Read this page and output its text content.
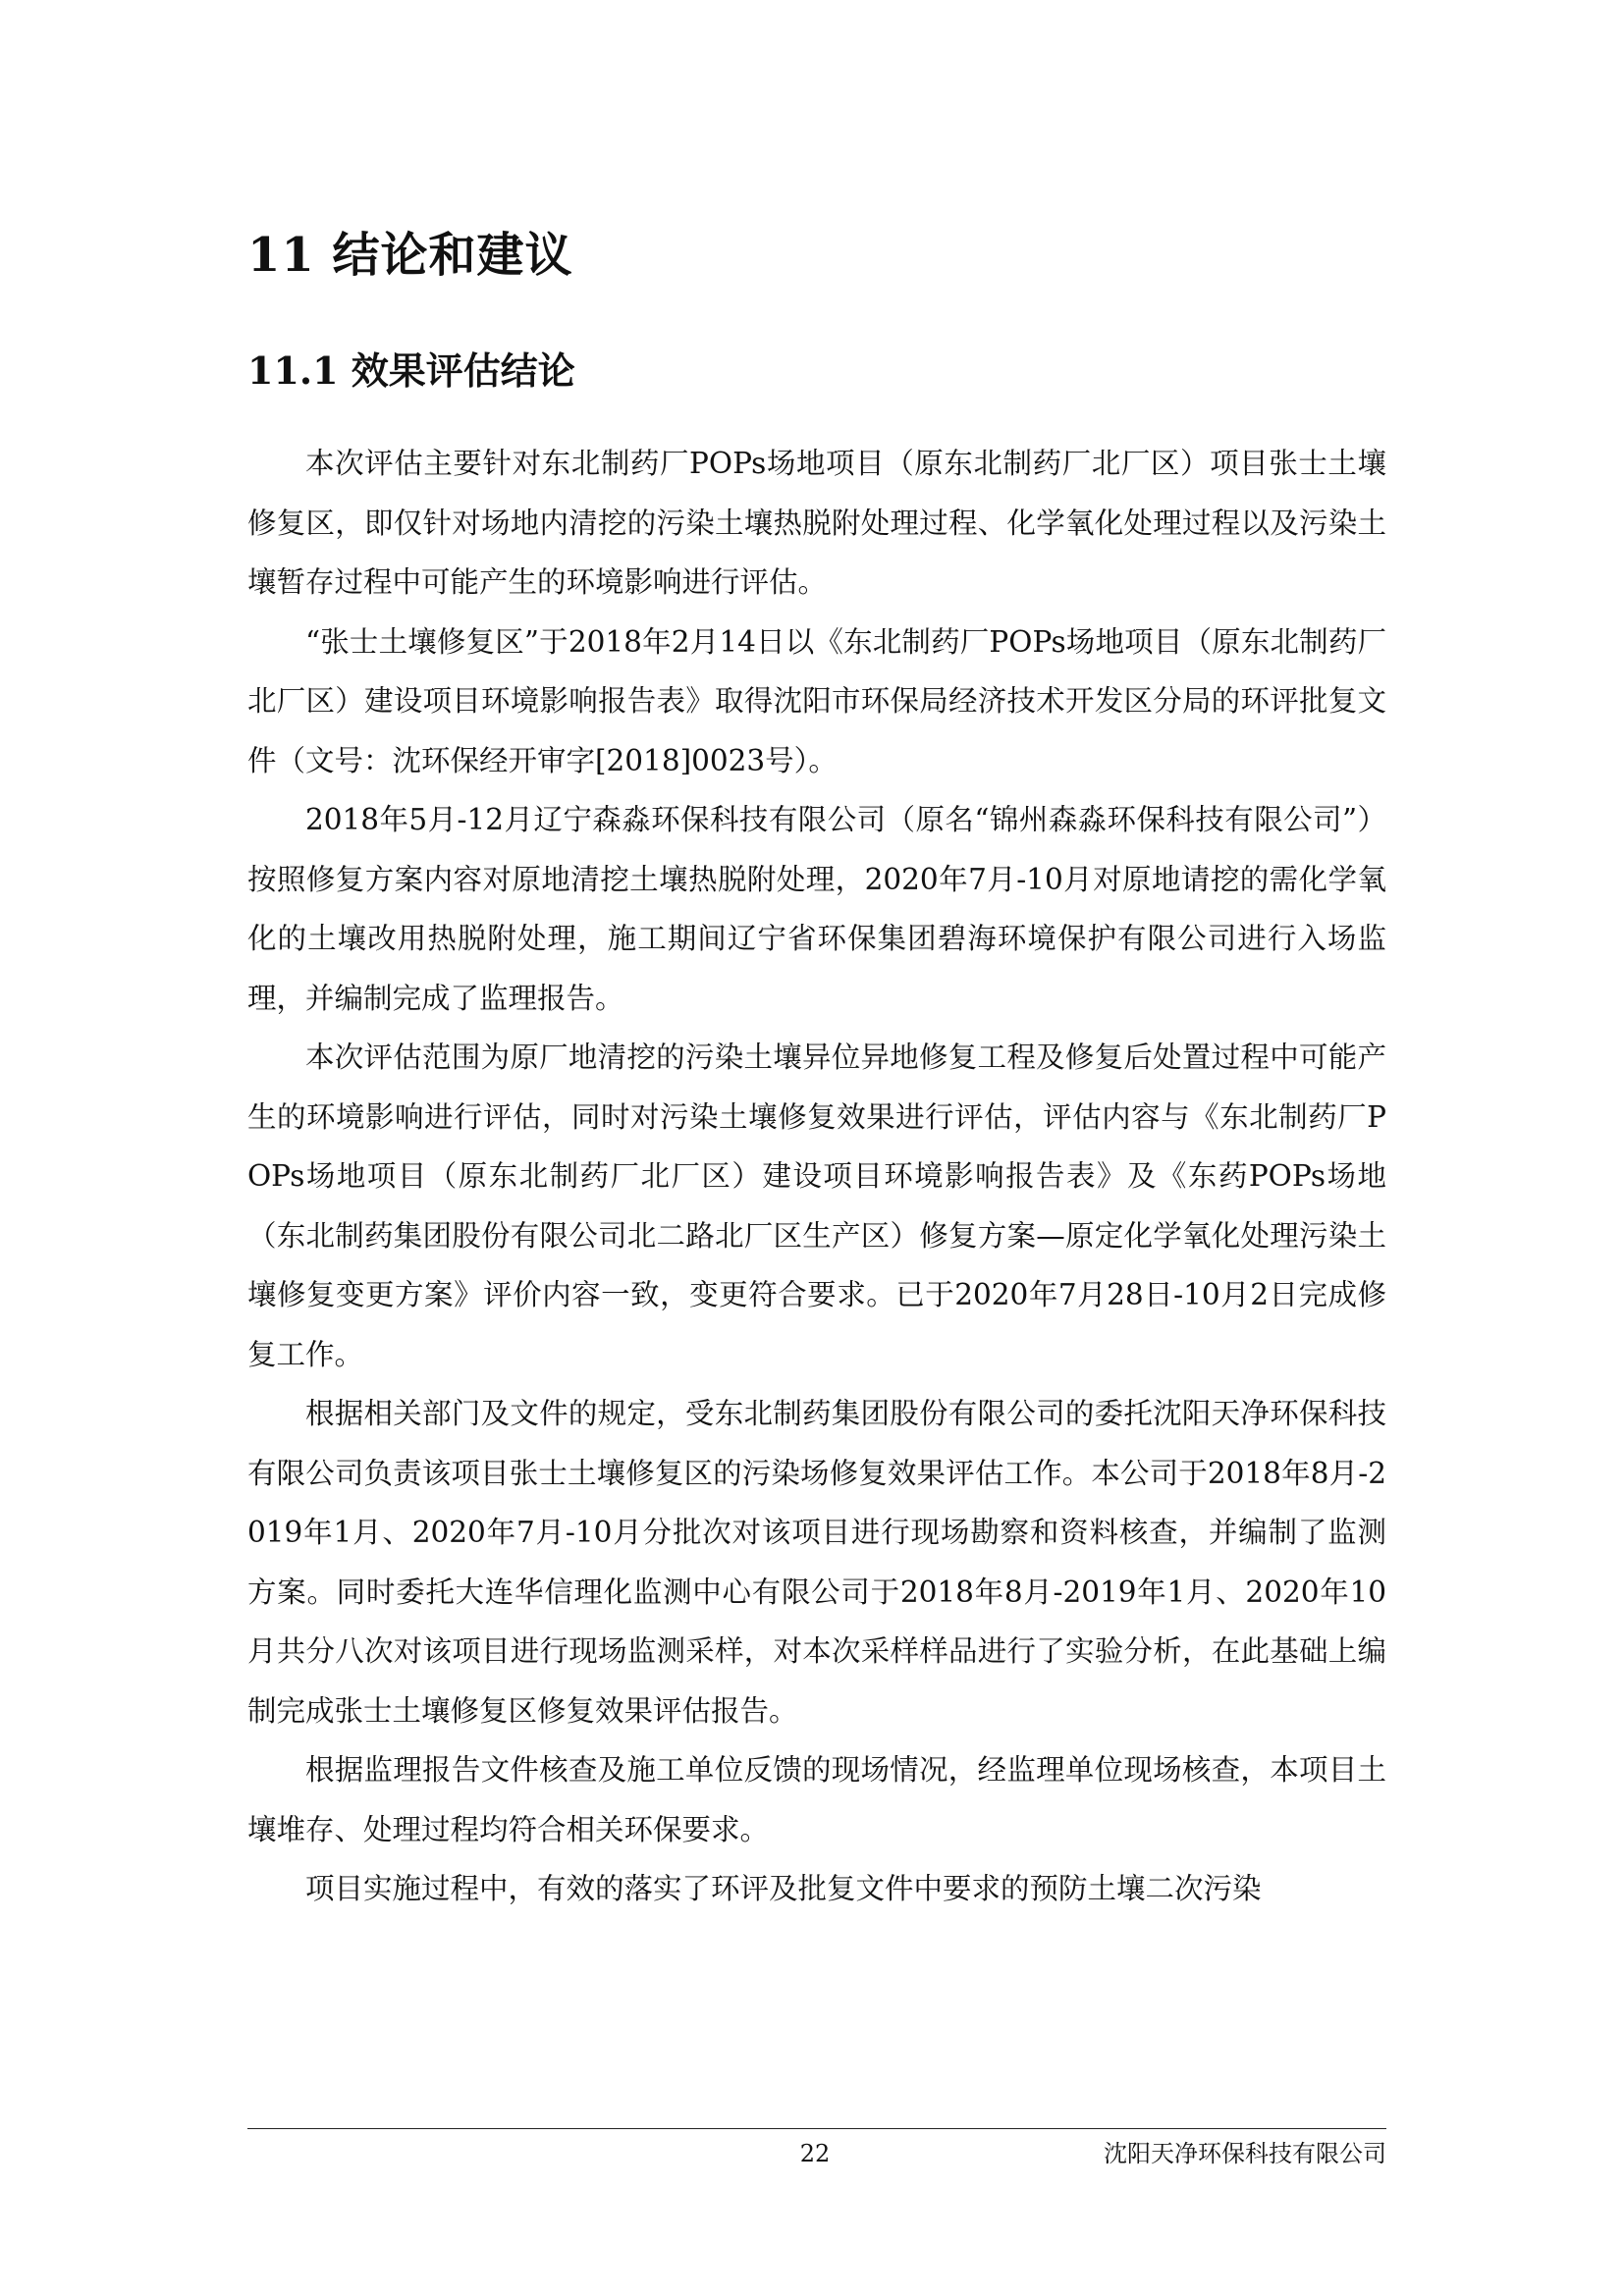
11 结论和建议
11.1 效果评估结论

本次评估主要针对东北制药厂POPs场地项目（原东北制药厂北厂区）项目张士土壤修复区，即仅针对场地内清挖的污染土壤热脱附处理过程、化学氧化处理过程以及污染土壤暂存过程中可能产生的环境影响进行评估。

“张士土壤修复区”于2018年2月14日以《东北制药厂POPs场地项目（原东北制药厂北厂区）建设项目环境影响报告表》取得沈阳市环保局经济技术开发区分局的环评批复文件（文号：沈环保经开审字[2018]0023号）。

2018年5月-12月辽宁森淼环保科技有限公司（原名“锦州森淼环保科技有限公司”）按照修复方案内容对原地清挖土壤热脱附处理，2020年7月-10月对原地请挖的需化学氧化的土壤改用热脱附处理，施工期间辽宁省环保集团碧海环境保护有限公司进行入场监理，并编制完成了监理报告。

本次评估范围为原厂地清挖的污染土壤异位异地修复工程及修复后处置过程中可能产生的环境影响进行评估，同时对污染土壤修复效果进行评估，评估内容与《东北制药厂POPs场地项目（原东北制药厂北厂区）建设项目环境影响报告表》及《东药POPs场地（东北制药集团股份有限公司北二路北厂区生产区）修复方案—原定化学氧化处理污染土壤修复变更方案》评价内容一致，变更符合要求。已于2020年7月28日-10月2日完成修复工作。

根据相关部门及文件的规定，受东北制药集团股份有限公司的委托沈阳天净环保科技有限公司负责该项目张士土壤修复区的污染场修复效果评估工作。本公司于2018年8月-2019年1月、2020年7月-10月分批次对该项目进行现场勘察和资料核查，并编制了监测方案。同时委托大连华信理化监测中心有限公司于2018年8月-2019年1月、2020年10月共分八次对该项目进行现场监测采样，对本次采样样品进行了实验分析，在此基础上编制完成张士土壤修复区修复效果评估报告。

根据监理报告文件核查及施工单位反馈的现场情况，经监理单位现场核查，本项目土壤堆存、处理过程均符合相关环保要求。

项目实施过程中，有效的落实了环评及批复文件中要求的预防土壤二次污染

22	沈阳天净环保科技有限公司
